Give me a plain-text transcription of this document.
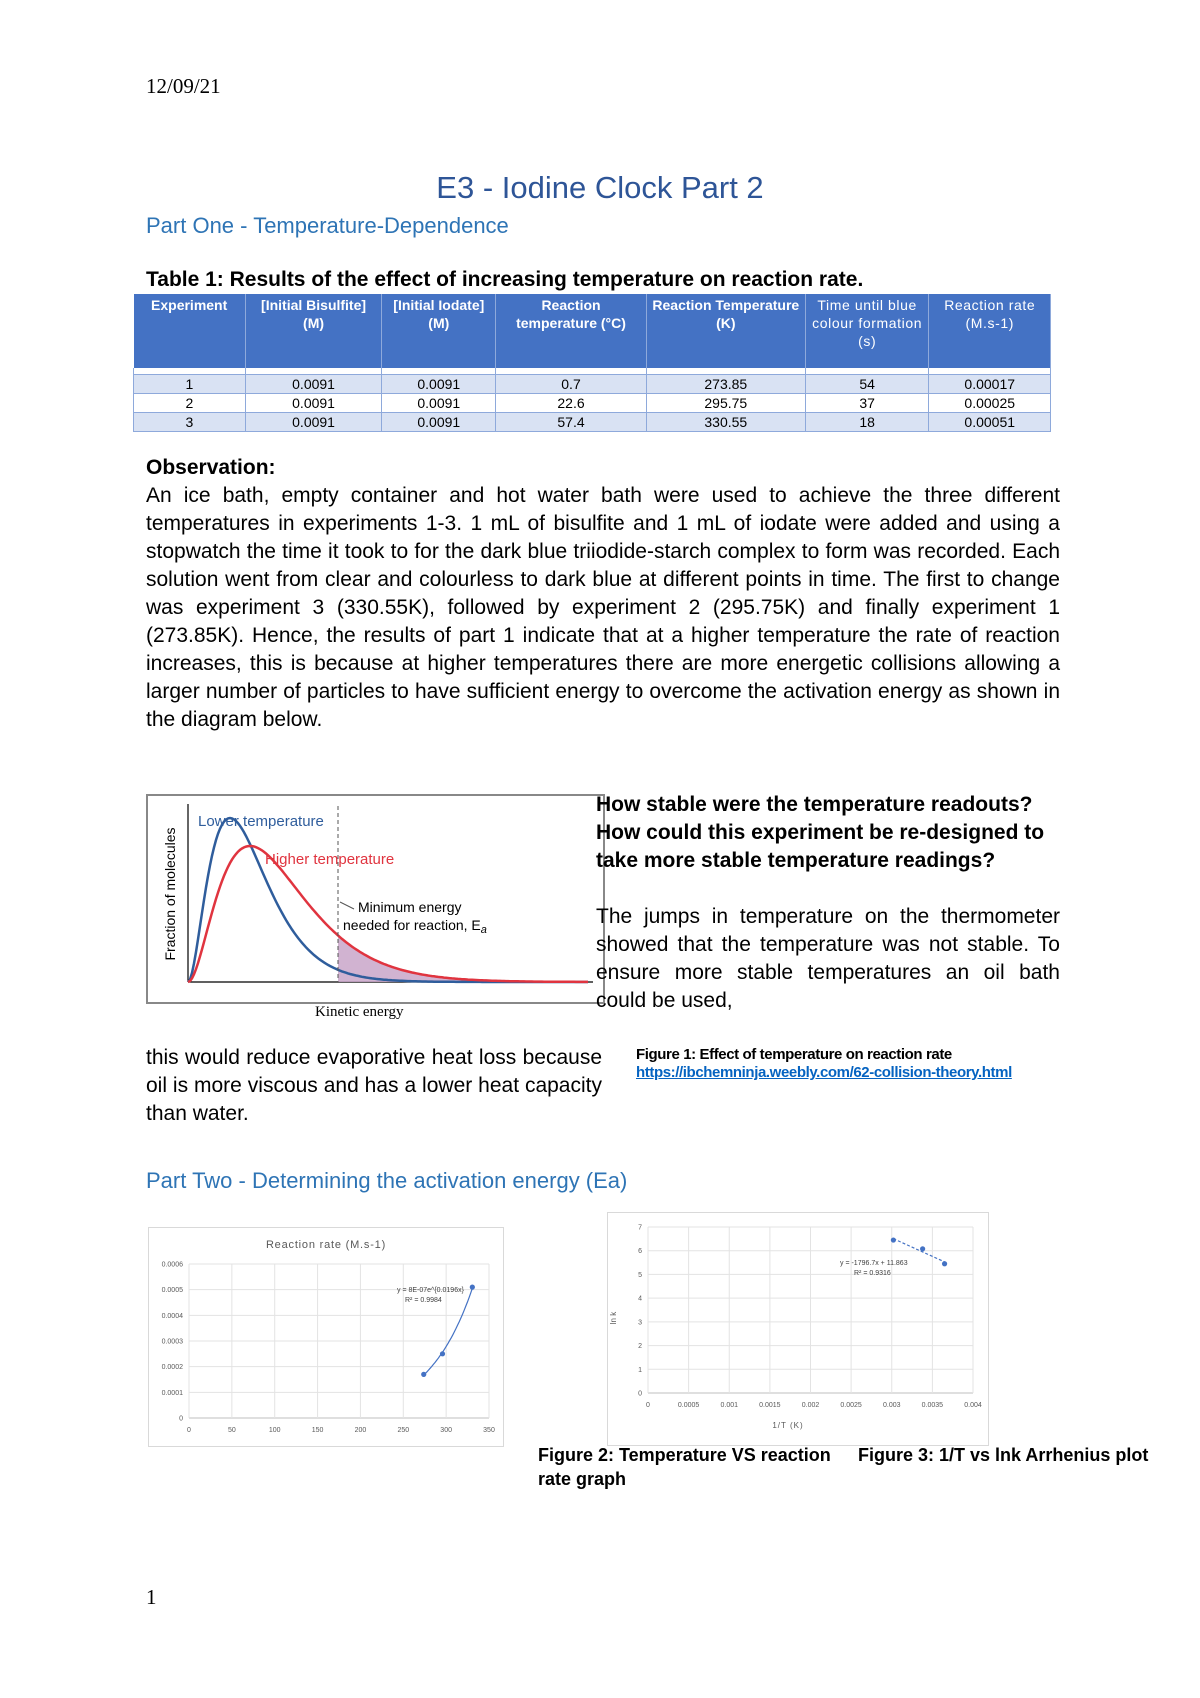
12/09/21
E3 - Iodine Clock Part 2
Part One - Temperature-Dependence
Table 1: Results of the effect of increasing temperature on reaction rate.
Experiment	[Initial Bisulfite] (M)	[Initial Iodate] (M)	Reaction temperature (°C)	Reaction Temperature (K)	Time until blue colour formation (s)	Reaction rate (M.s-1)

1	0.0091	0.0091	0.7	273.85	54	0.00017
2	0.0091	0.0091	22.6	295.75	37	0.00025
3	0.0091	0.0091	57.4	330.55	18	0.00051
Observation:
An ice bath, empty container and hot water bath were used to achieve the three different temperatures in experiments 1-3. 1 mL of bisulfite and 1 mL of iodate were added and using a stopwatch the time it took to for the dark blue triiodide-starch complex to form was recorded. Each solution went from clear and colourless to dark blue at different points in time. The first to change was experiment 3 (330.55K), followed by experiment 2 (295.75K) and finally experiment 1 (273.85K). Hence, the results of part 1 indicate that at a higher temperature the rate of reaction increases, this is because at higher temperatures there are more energetic collisions allowing a larger number of particles to have sufficient energy to overcome the activation energy as shown in the diagram below.
Fraction of molecules
Lower temperature
Higher temperature
Minimum energy
needed for reaction, $E_a$
Kinetic energy
How stable were the temperature readouts? How could this experiment be re-designed to take more stable temperature readings?
The jumps in temperature on the thermometer showed that the temperature was not stable. To ensure more stable temperatures an oil bath could be used,
this would reduce evaporative heat loss because oil is more viscous and has a lower heat capacity than water.
Figure 1: Effect of temperature on reaction rate
https://ibchemninja.weebly.com/62-collision-theory.html
Part Two - Determining the activation energy (Ea)
Reaction rate (M.s-1)
0
0.0001
0.0002
0.0003
0.0004
0.0005
0.0006
0	50	100	150	200	250	300	350
y = 8E-07e^{0.0196x}
R² = 0.9984
1/T (K)
ln k
0
1
2
3
4
5
6
7
0	0.0005	0.001	0.0015	0.002	0.0025	0.003	0.0035	0.004
y = -1796.7x + 11.863
R² = 0.9316
Figure 2: Temperature VS reaction rate graph
Figure 3: 1/T vs lnk Arrhenius plot
1
